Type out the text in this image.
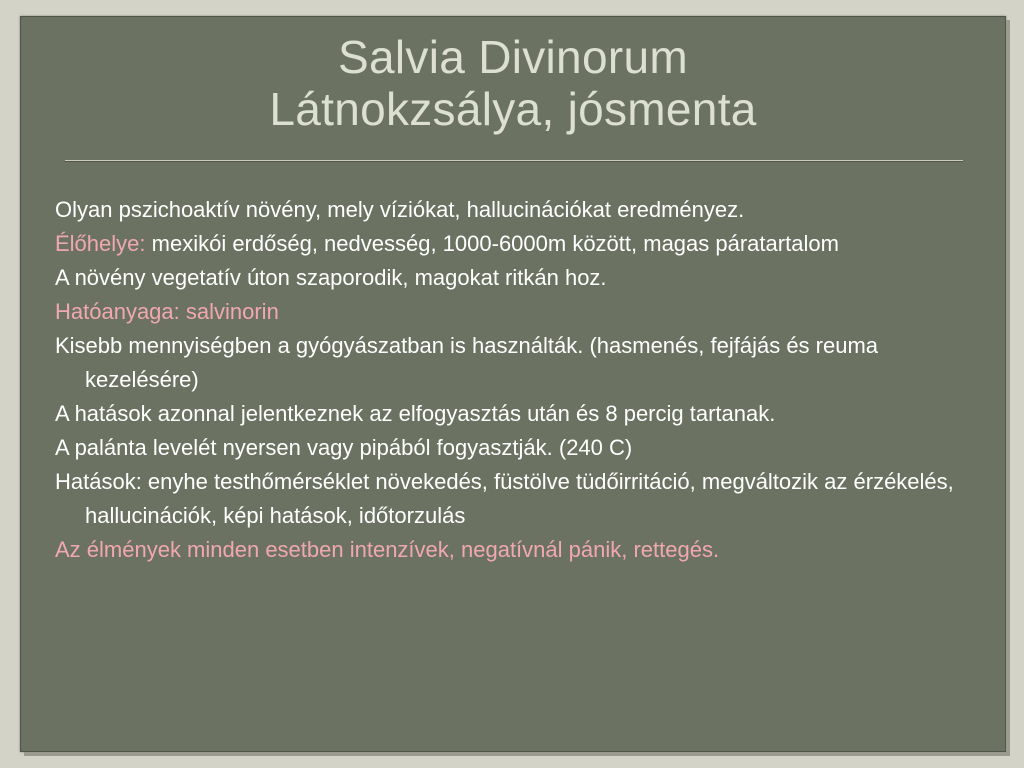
Salvia Divinorum
Látnokzsálya, jósmenta

Olyan pszichoaktív növény, mely víziókat, hallucinációkat eredményez.

Élőhelye: mexikói erdőség, nedvesség, 1000-6000m között, magas páratartalom

A növény vegetatív úton szaporodik, magokat ritkán hoz.

Hatóanyaga: salvinorin

Kisebb mennyiségben a gyógyászatban is használták. (hasmenés, fejfájás és reuma kezelésére)

A hatások azonnal jelentkeznek az elfogyasztás után és 8 percig tartanak.

A palánta levelét nyersen vagy pipából fogyasztják. (240 C)

Hatások: enyhe testhőmérséklet növekedés, füstölve tüdőirritáció, megváltozik az érzékelés, hallucinációk, képi hatások, időtorzulás

Az élmények minden esetben intenzívek, negatívnál pánik, rettegés.
